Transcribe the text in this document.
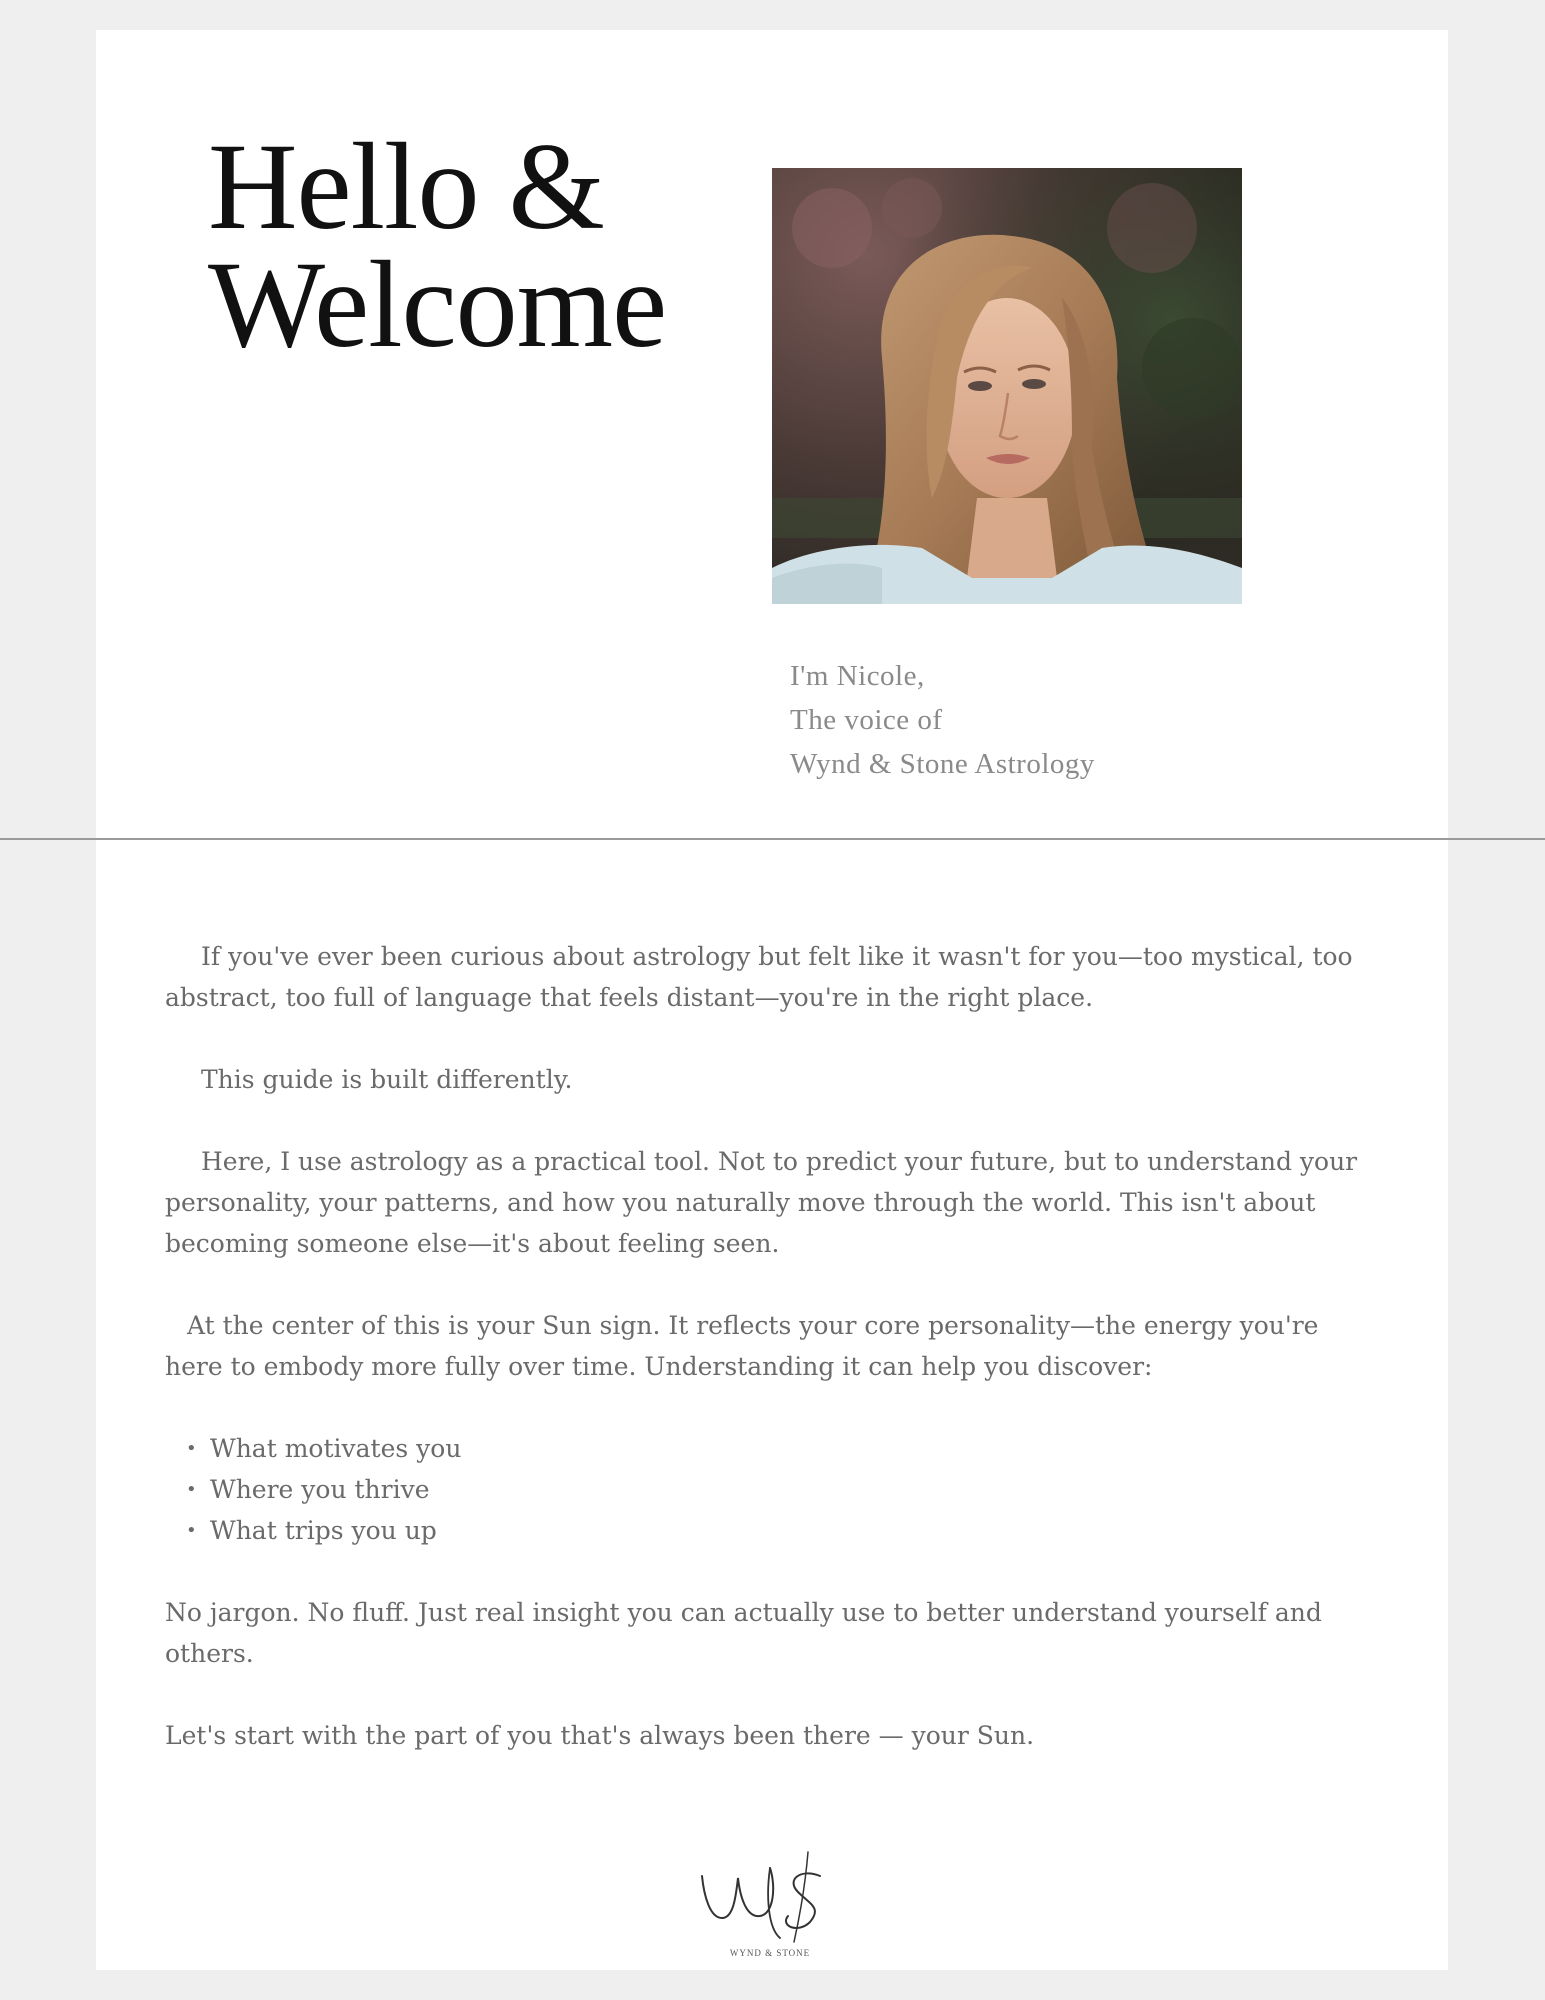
Hello &
Welcome
I'm Nicole,
The voice of
Wynd & Stone Astrology

If you've ever been curious about astrology but felt like it wasn't for you—too mystical, too abstract, too full of language that feels distant—you're in the right place.

This guide is built differently.

Here, I use astrology as a practical tool. Not to predict your future, but to understand your personality, your patterns, and how you naturally move through the world. This isn't about becoming someone else—it's about feeling seen.

At the center of this is your Sun sign. It reflects your core personality—the energy you're here to embody more fully over time. Understanding it can help you discover:

• What motivates you
• Where you thrive
• What trips you up

No jargon. No fluff. Just real insight you can actually use to better understand yourself and others.

Let's start with the part of you that's always been there — your Sun.

WYND & STONE
